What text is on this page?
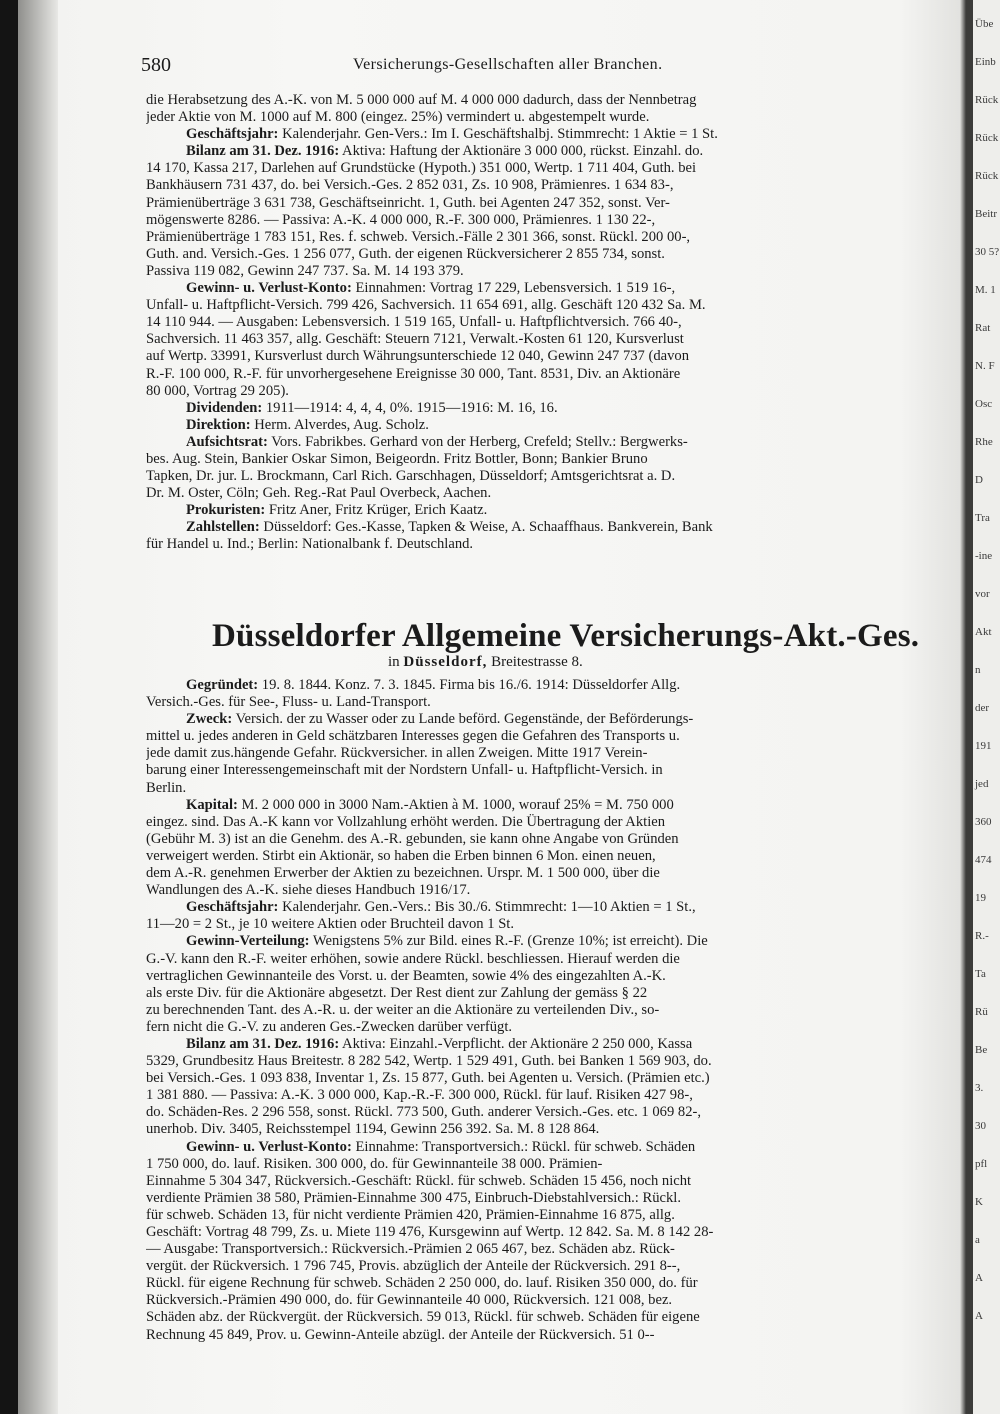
Übe
Einb
Rück
Rück
Rück
Beitr
30 5?
M. 1
Rat
N. F
Osc
Rhe
D
Tra
-ine
vor
Akt
n
der
191
jed
360
474
19
R.-
Ta
Rü
Be
3.
30
pfl
K
a
A
A
580	Versicherungs-Gesellschaften aller Branchen.
die Herabsetzung des A.-K. von M. 5 000 000 auf M. 4 000 000 dadurch, dass der Nennbetrag
jeder Aktie von M. 1000 auf M. 800 (eingez. 25%) vermindert u. abgestempelt wurde.
Geschäftsjahr: Kalenderjahr. Gen-Vers.: Im I. Geschäftshalbj. Stimmrecht: 1 Aktie = 1 St.
Bilanz am 31. Dez. 1916: Aktiva: Haftung der Aktionäre 3 000 000, rückst. Einzahl. do.
14 170, Kassa 217, Darlehen auf Grundstücke (Hypoth.) 351 000, Wertp. 1 711 404, Guth. bei
Bankhäusern 731 437, do. bei Versich.-Ges. 2 852 031, Zs. 10 908, Prämienres. 1 634 83-,
Prämienüberträge 3 631 738, Geschäftseinricht. 1, Guth. bei Agenten 247 352, sonst. Ver-
mögenswerte 8286. — Passiva: A.-K. 4 000 000, R.-F. 300 000, Prämienres. 1 130 22-,
Prämienüberträge 1 783 151, Res. f. schweb. Versich.-Fälle 2 301 366, sonst. Rückl. 200 00-,
Guth. and. Versich.-Ges. 1 256 077, Guth. der eigenen Rückversicherer 2 855 734, sonst.
Passiva 119 082, Gewinn 247 737. Sa. M. 14 193 379.
Gewinn- u. Verlust-Konto: Einnahmen: Vortrag 17 229, Lebensversich. 1 519 16-,
Unfall- u. Haftpflicht-Versich. 799 426, Sachversich. 11 654 691, allg. Geschäft 120 432 Sa. M.
14 110 944. — Ausgaben: Lebensversich. 1 519 165, Unfall- u. Haftpflichtversich. 766 40-,
Sachversich. 11 463 357, allg. Geschäft: Steuern 7121, Verwalt.-Kosten 61 120, Kursverlust
auf Wertp. 33991, Kursverlust durch Währungsunterschiede 12 040, Gewinn 247 737 (davon
R.-F. 100 000, R.-F. für unvorhergesehene Ereignisse 30 000, Tant. 8531, Div. an Aktionäre
80 000, Vortrag 29 205).
Dividenden: 1911—1914: 4, 4, 4, 0%. 1915—1916: M. 16, 16.
Direktion: Herm. Alverdes, Aug. Scholz.
Aufsichtsrat: Vors. Fabrikbes. Gerhard von der Herberg, Crefeld; Stellv.: Bergwerks-
bes. Aug. Stein, Bankier Oskar Simon, Beigeordn. Fritz Bottler, Bonn; Bankier Bruno
Tapken, Dr. jur. L. Brockmann, Carl Rich. Garschhagen, Düsseldorf; Amtsgerichtsrat a. D.
Dr. M. Oster, Cöln; Geh. Reg.-Rat Paul Overbeck, Aachen.
Prokuristen: Fritz Aner, Fritz Krüger, Erich Kaatz.
Zahlstellen: Düsseldorf: Ges.-Kasse, Tapken & Weise, A. Schaaffhaus. Bankverein, Bank
für Handel u. Ind.; Berlin: Nationalbank f. Deutschland.
Düsseldorfer Allgemeine Versicherungs-Akt.-Ges.
in Düsseldorf, Breitestrasse 8.
Gegründet: 19. 8. 1844. Konz. 7. 3. 1845. Firma bis 16./6. 1914: Düsseldorfer Allg.
Versich.-Ges. für See-, Fluss- u. Land-Transport.
Zweck: Versich. der zu Wasser oder zu Lande beförd. Gegenstände, der Beförderungs-
mittel u. jedes anderen in Geld schätzbaren Interesses gegen die Gefahren des Transports u.
jede damit zus.hängende Gefahr. Rückversicher. in allen Zweigen. Mitte 1917 Verein-
barung einer Interessengemeinschaft mit der Nordstern Unfall- u. Haftpflicht-Versich. in
Berlin.
Kapital: M. 2 000 000 in 3000 Nam.-Aktien à M. 1000, worauf 25% = M. 750 000
eingez. sind. Das A.-K kann vor Vollzahlung erhöht werden. Die Übertragung der Aktien
(Gebühr M. 3) ist an die Genehm. des A.-R. gebunden, sie kann ohne Angabe von Gründen
verweigert werden. Stirbt ein Aktionär, so haben die Erben binnen 6 Mon. einen neuen,
dem A.-R. genehmen Erwerber der Aktien zu bezeichnen. Urspr. M. 1 500 000, über die
Wandlungen des A.-K. siehe dieses Handbuch 1916/17.
Geschäftsjahr: Kalenderjahr. Gen.-Vers.: Bis 30./6. Stimmrecht: 1—10 Aktien = 1 St.,
11—20 = 2 St., je 10 weitere Aktien oder Bruchteil davon 1 St.
Gewinn-Verteilung: Wenigstens 5% zur Bild. eines R.-F. (Grenze 10%; ist erreicht). Die
G.-V. kann den R.-F. weiter erhöhen, sowie andere Rückl. beschliessen. Hierauf werden die
vertraglichen Gewinnanteile des Vorst. u. der Beamten, sowie 4% des eingezahlten A.-K.
als erste Div. für die Aktionäre abgesetzt. Der Rest dient zur Zahlung der gemäss § 22
zu berechnenden Tant. des A.-R. u. der weiter an die Aktionäre zu verteilenden Div., so-
fern nicht die G.-V. zu anderen Ges.-Zwecken darüber verfügt.
Bilanz am 31. Dez. 1916: Aktiva: Einzahl.-Verpflicht. der Aktionäre 2 250 000, Kassa
5329, Grundbesitz Haus Breitestr. 8 282 542, Wertp. 1 529 491, Guth. bei Banken 1 569 903, do.
bei Versich.-Ges. 1 093 838, Inventar 1, Zs. 15 877, Guth. bei Agenten u. Versich. (Prämien etc.)
1 381 880. — Passiva: A.-K. 3 000 000, Kap.-R.-F. 300 000, Rückl. für lauf. Risiken 427 98-,
do. Schäden-Res. 2 296 558, sonst. Rückl. 773 500, Guth. anderer Versich.-Ges. etc. 1 069 82-,
unerhob. Div. 3405, Reichsstempel 1194, Gewinn 256 392. Sa. M. 8 128 864.
Gewinn- u. Verlust-Konto: Einnahme: Transportversich.: Rückl. für schweb. Schäden
1 750 000, do. lauf. Risiken. 300 000, do. für Gewinnanteile 38 000. Prämien-
Einnahme 5 304 347, Rückversich.-Geschäft: Rückl. für schweb. Schäden 15 456, noch nicht
verdiente Prämien 38 580, Prämien-Einnahme 300 475, Einbruch-Diebstahlversich.: Rückl.
für schweb. Schäden 13, für nicht verdiente Prämien 420, Prämien-Einnahme 16 875, allg.
Geschäft: Vortrag 48 799, Zs. u. Miete 119 476, Kursgewinn auf Wertp. 12 842. Sa. M. 8 142 28-
— Ausgabe: Transportversich.: Rückversich.-Prämien 2 065 467, bez. Schäden abz. Rück-
vergüt. der Rückversich. 1 796 745, Provis. abzüglich der Anteile der Rückversich. 291 8--,
Rückl. für eigene Rechnung für schweb. Schäden 2 250 000, do. lauf. Risiken 350 000, do. für
Rückversich.-Prämien 490 000, do. für Gewinnanteile 40 000, Rückversich. 121 008, bez.
Schäden abz. der Rückvergüt. der Rückversich. 59 013, Rückl. für schweb. Schäden für eigene
Rechnung 45 849, Prov. u. Gewinn-Anteile abzügl. der Anteile der Rückversich. 51 0--
